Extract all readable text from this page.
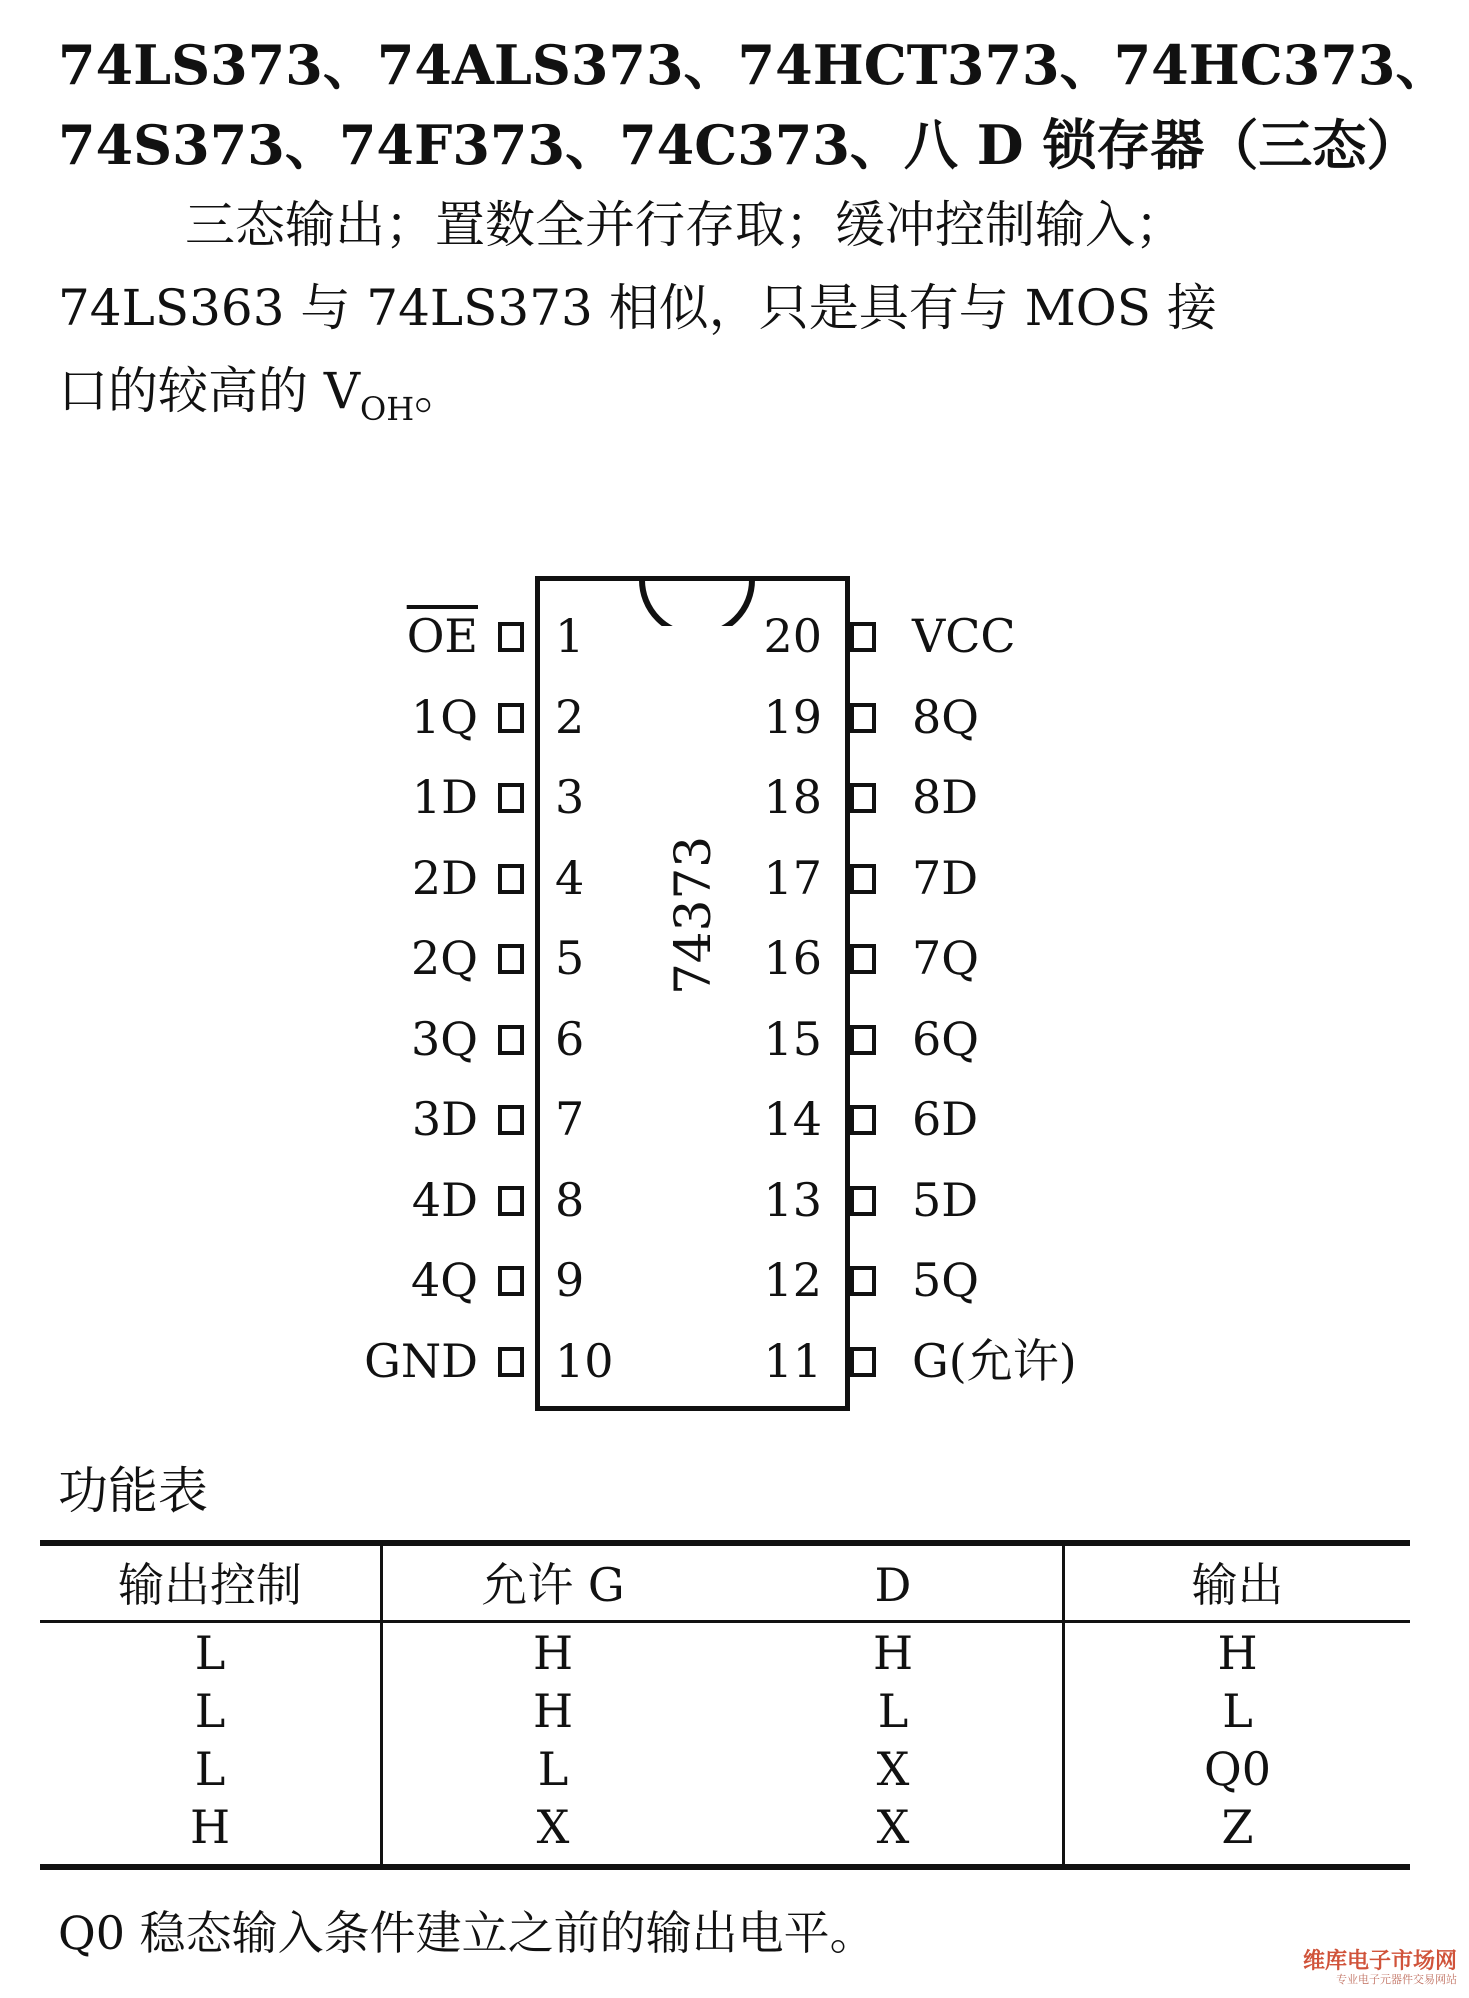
74LS373、74ALS373、74HCT373、74HC373、
74S373、74F373、74C373、八 D 锁存器（三态）
三态输出；置数全并行存取；缓冲控制输入；
74LS363 与 74LS373 相似，只是具有与 MOS 接
口的较高的 $V_{OH}$。
74373
$\overline{OE}$ 1
1Q 2
1D 3
2D 4
2Q 5
3Q 6
3D 7
4D 8
4Q 9
GND 10
VCC
20
8Q
19
8D
18
7D
17
7Q
16
6Q
15
6D
14
5D
13
5Q
12
G(允许)
11
功能表
输出控制	允许 G	D	输出
L	H	H	H
L	H	L	L
L	L	X	Q0
H	X	X	Z
Q0 稳态输入条件建立之前的输出电平。
维库电子市场网
专业电子元器件交易网站
